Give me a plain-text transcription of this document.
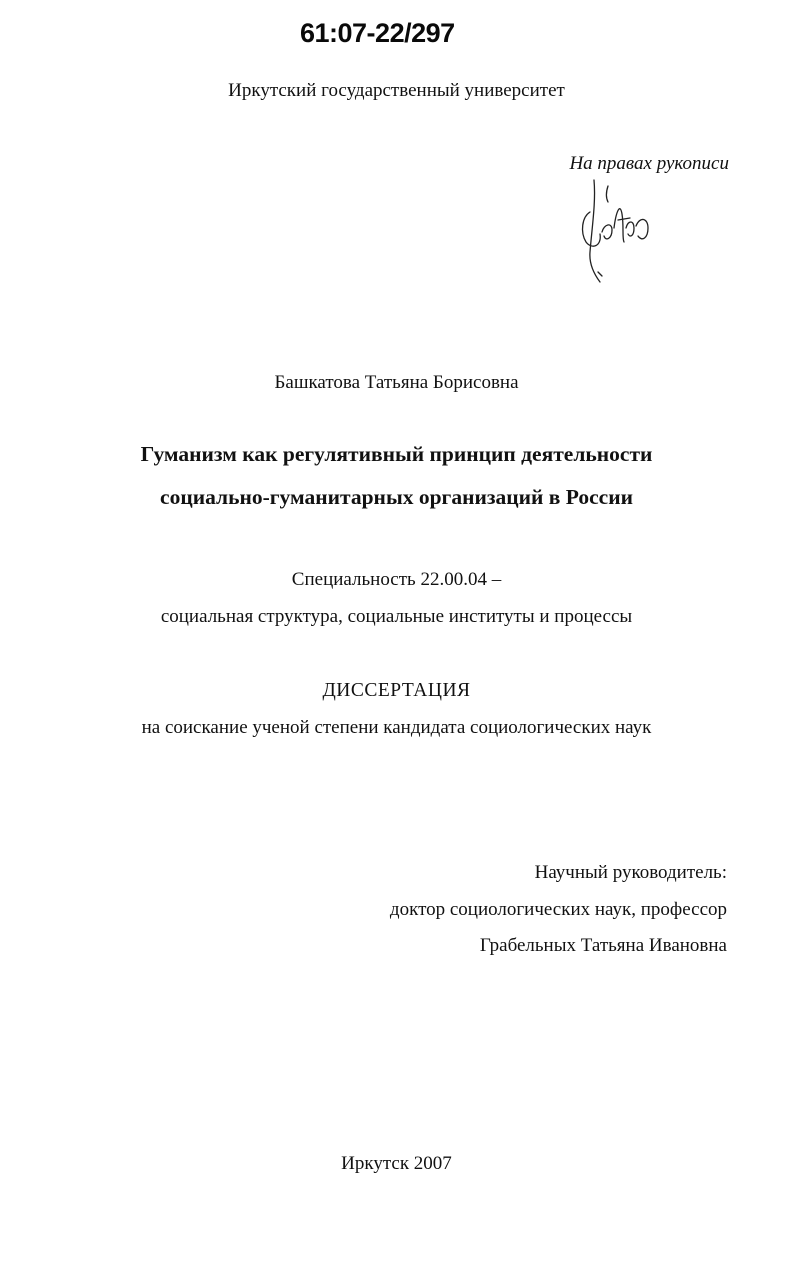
61:07-22/297
Иркутский государственный университет
На правах рукописи
Башкатова Татьяна Борисовна
Гуманизм как регулятивный принцип деятельности
социально-гуманитарных организаций в России
Специальность 22.00.04 –
социальная структура, социальные институты и процессы
ДИССЕРТАЦИЯ
на соискание ученой степени кандидата социологических наук
Научный руководитель:
доктор социологических наук, профессор
Грабельных Татьяна Ивановна
Иркутск 2007
